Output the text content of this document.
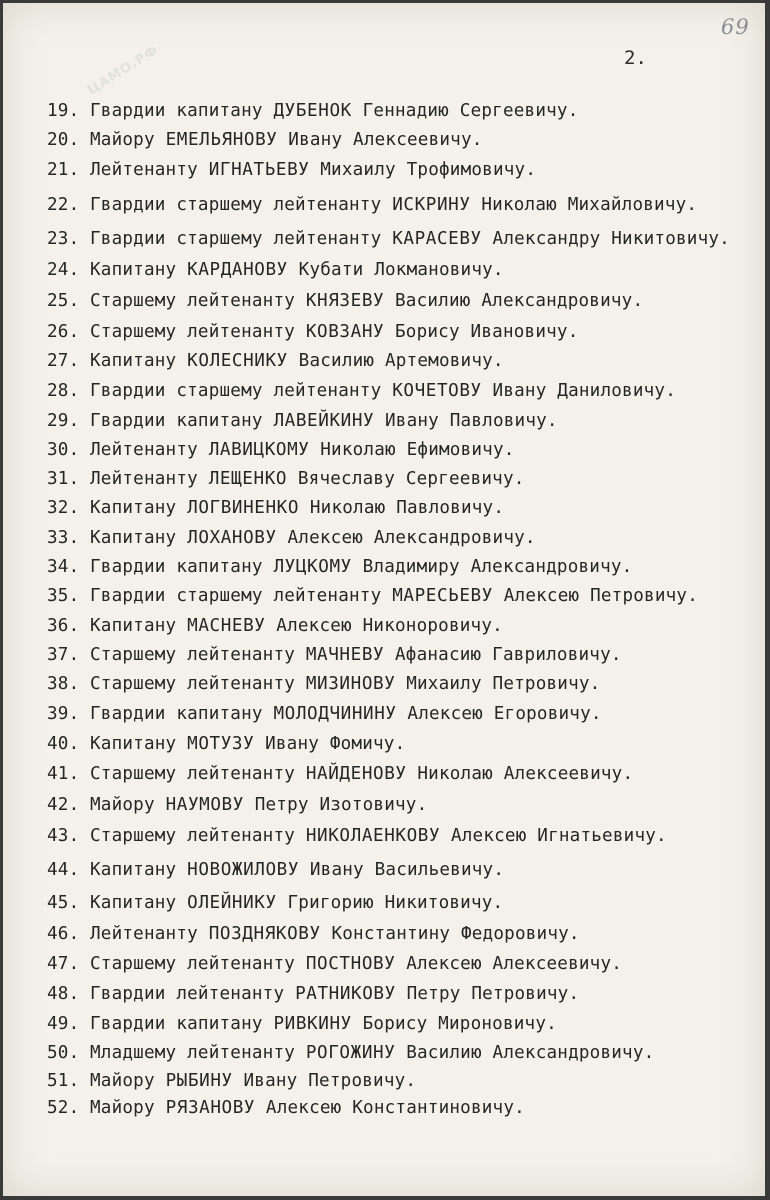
ЦАМО.РФ
69
2.
19. Гвардии капитану ДУБЕНОК Геннадию Сергеевичу.
20. Майору ЕМЕЛЬЯНОВУ Ивану Алексеевичу.
21. Лейтенанту ИГНАТЬЕВУ Михаилу Трофимовичу.
22. Гвардии старшему лейтенанту ИСКРИНУ Николаю Михайловичу.
23. Гвардии старшему лейтенанту КАРАСЕВУ Александру Никитовичу.
24. Капитану КАРДАНОВУ Кубати Локмановичу.
25. Старшему лейтенанту КНЯЗЕВУ Василию Александровичу.
26. Старшему лейтенанту КОВЗАНУ Борису Ивановичу.
27. Капитану КОЛЕСНИКУ Василию Артемовичу.
28. Гвардии старшему лейтенанту КОЧЕТОВУ Ивану Даниловичу.
29. Гвардии капитану ЛАВЕЙКИНУ Ивану Павловичу.
30. Лейтенанту ЛАВИЦКОМУ Николаю Ефимовичу.
31. Лейтенанту ЛЕЩЕНКО Вячеславу Сергеевичу.
32. Капитану ЛОГВИНЕНКО Николаю Павловичу.
33. Капитану ЛОХАНОВУ Алексею Александровичу.
34. Гвардии капитану ЛУЦКОМУ Владимиру Александровичу.
35. Гвардии старшему лейтенанту МАРЕСЬЕВУ Алексею Петровичу.
36. Капитану МАСНЕВУ Алексею Никоноровичу.
37. Старшему лейтенанту МАЧНЕВУ Афанасию Гавриловичу.
38. Старшему лейтенанту МИЗИНОВУ Михаилу Петровичу.
39. Гвардии капитану МОЛОДЧИНИНУ Алексею Егоровичу.
40. Капитану МОТУЗУ Ивану Фомичу.
41. Старшему лейтенанту НАЙДЕНОВУ Николаю Алексеевичу.
42. Майору НАУМОВУ Петру Изотовичу.
43. Старшему лейтенанту НИКОЛАЕНКОВУ Алексею Игнатьевичу.
44. Капитану НОВОЖИЛОВУ Ивану Васильевичу.
45. Капитану ОЛЕЙНИКУ Григорию Никитовичу.
46. Лейтенанту ПОЗДНЯКОВУ Константину Федоровичу.
47. Старшему лейтенанту ПОСТНОВУ Алексею Алексеевичу.
48. Гвардии лейтенанту РАТНИКОВУ Петру Петровичу.
49. Гвардии капитану РИВКИНУ Борису Мироновичу.
50. Младшему лейтенанту РОГОЖИНУ Василию Александровичу.
51. Майору РЫБИНУ Ивану Петровичу.
52. Майору РЯЗАНОВУ Алексею Константиновичу.
